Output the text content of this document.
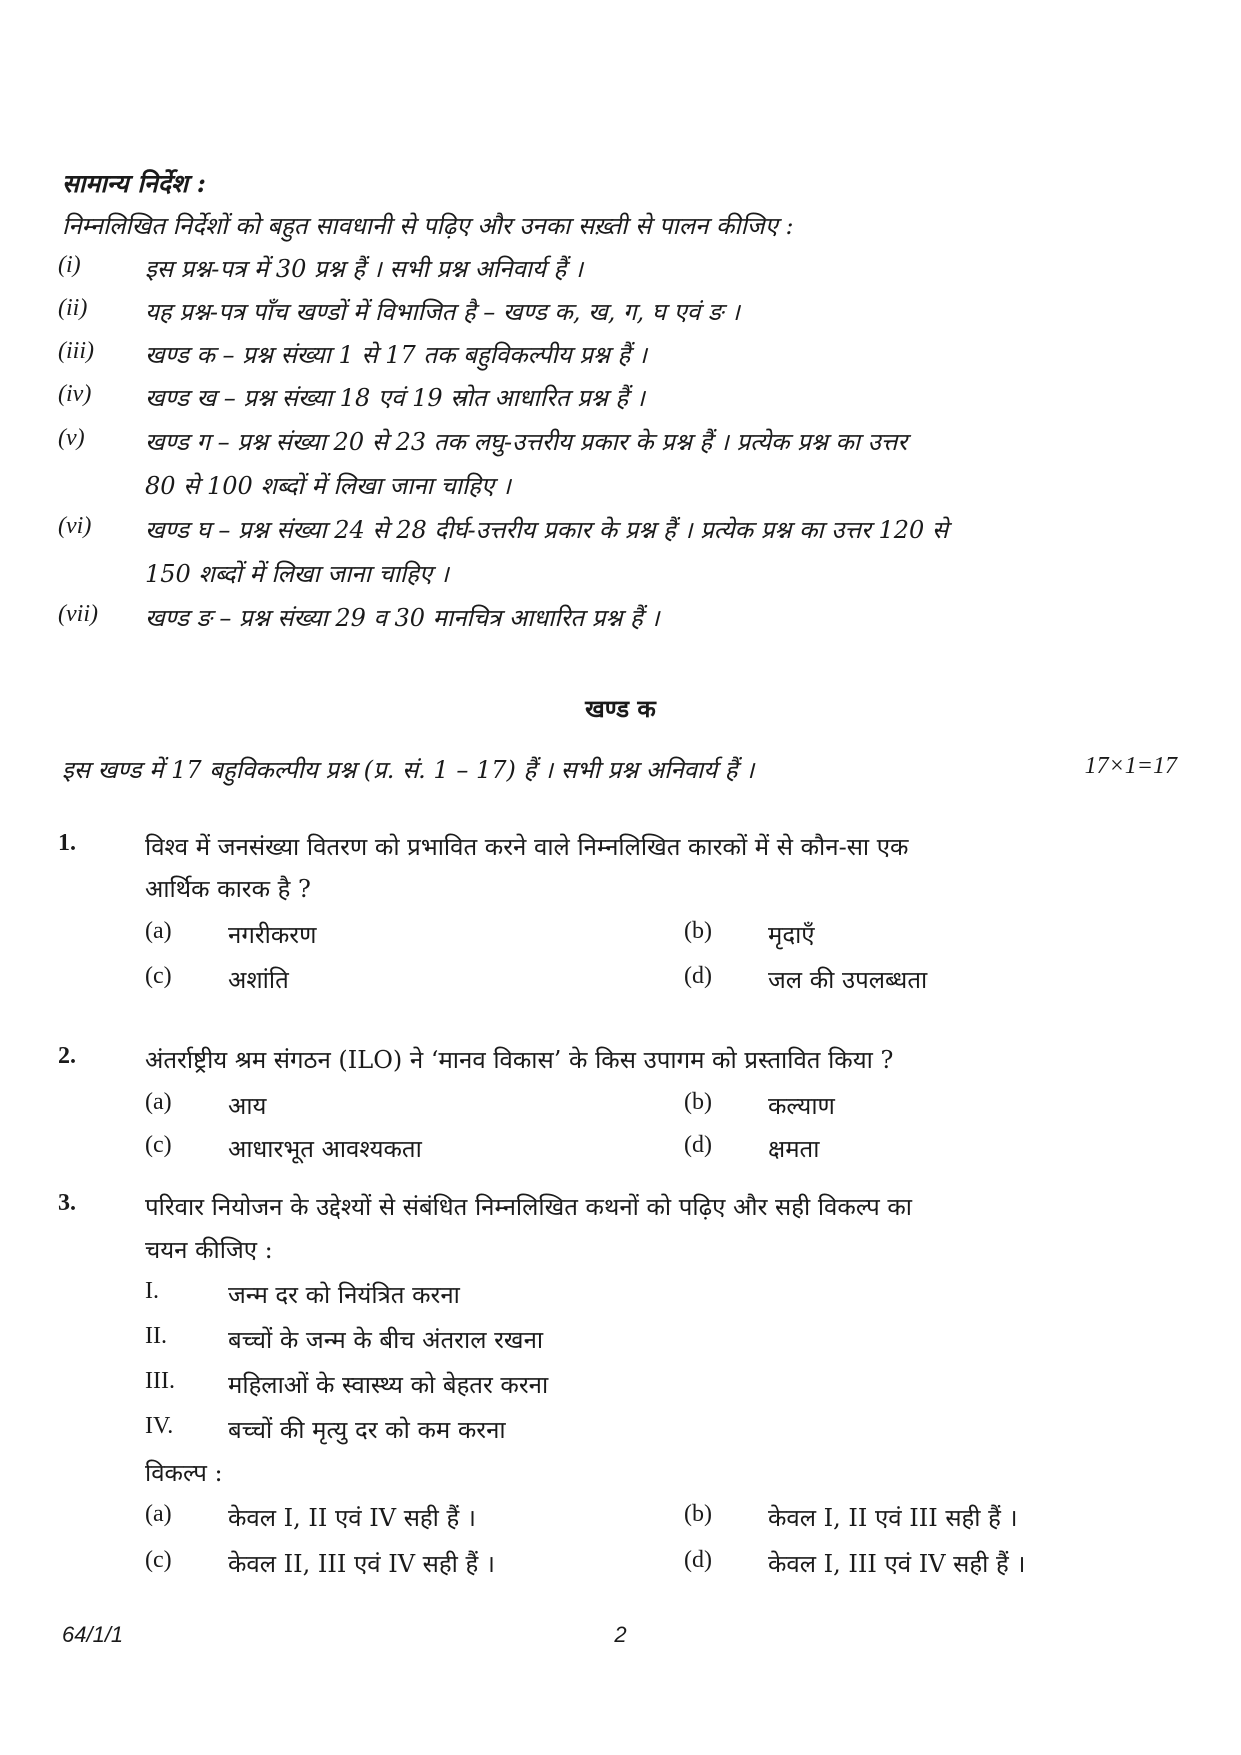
सामान्य निर्देश :
निम्नलिखित निर्देशों को बहुत सावधानी से पढ़िए और उनका सख़्ती से पालन कीजिए :
(i)	इस प्रश्न-पत्र में 30 प्रश्न हैं । सभी प्रश्न अनिवार्य हैं ।
(ii) यह प्रश्न-पत्र पाँच खण्डों में विभाजित है – खण्ड क, ख, ग, घ एवं ङ ।
(iii) खण्ड क – प्रश्न संख्या 1 से 17 तक बहुविकल्पीय प्रश्न हैं ।
(iv) खण्ड ख – प्रश्न संख्या 18 एवं 19 स्रोत आधारित प्रश्न हैं ।
(v)	खण्ड ग – प्रश्न संख्या 20 से 23 तक लघु-उत्तरीय प्रकार के प्रश्न हैं । प्रत्येक प्रश्न का उत्तर
80 से 100 शब्दों में लिखा जाना चाहिए ।
(vi) खण्ड घ – प्रश्न संख्या 24 से 28 दीर्घ-उत्तरीय प्रकार के प्रश्न हैं । प्रत्येक प्रश्न का उत्तर 120 से
150 शब्दों में लिखा जाना चाहिए ।
(vii) खण्ड ङ – प्रश्न संख्या 29 व 30 मानचित्र आधारित प्रश्न हैं ।
खण्ड क
इस खण्ड में 17 बहुविकल्पीय प्रश्न (प्र. सं. 1 – 17) हैं । सभी प्रश्न अनिवार्य हैं ।	17×1=17
1.	विश्व में जनसंख्या वितरण को प्रभावित करने वाले निम्नलिखित कारकों में से कौन-सा एक
आर्थिक कारक है ?
(a) नगरीकरण	(b) मृदाएँ
(c) अशांति	(d) जल की उपलब्धता
2.	अंतर्राष्ट्रीय श्रम संगठन (ILO) ने ‘मानव विकास’ के किस उपागम को प्रस्तावित किया ?
(a) आय	(b) कल्याण
(c) आधारभूत आवश्यकता	(d) क्षमता
3.	परिवार नियोजन के उद्देश्यों से संबंधित निम्नलिखित कथनों को पढ़िए और सही विकल्प का
चयन कीजिए :
I.	जन्म दर को नियंत्रित करना
II.	बच्चों के जन्म के बीच अंतराल रखना
III. महिलाओं के स्वास्थ्य को बेहतर करना
IV. बच्चों की मृत्यु दर को कम करना
विकल्प :
(a) केवल I, II एवं IV सही हैं ।	(b) केवल I, II एवं III सही हैं ।
(c) केवल II, III एवं IV सही हैं ।	(d) केवल I, III एवं IV सही हैं ।
64/1/1	2
